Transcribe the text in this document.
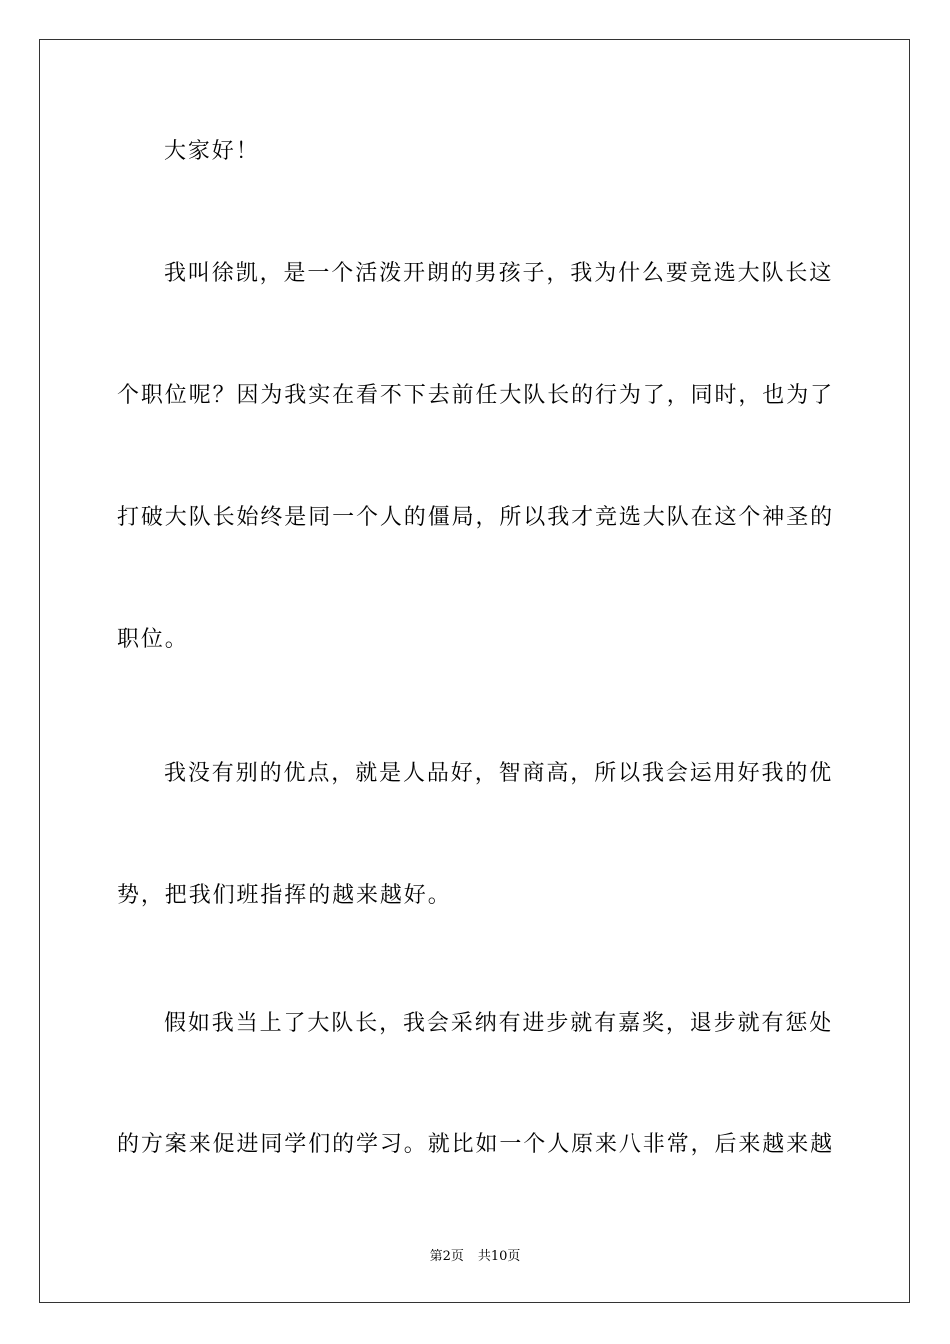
大家好！
我叫徐凯，是一个活泼开朗的男孩子，我为什么要竞选大队长这
个职位呢？因为我实在看不下去前任大队长的行为了，同时，也为了
打破大队长始终是同一个人的僵局，所以我才竞选大队在这个神圣的
职位。
我没有别的优点，就是人品好，智商高，所以我会运用好我的优
势，把我们班指挥的越来越好。
假如我当上了大队长，我会采纳有进步就有嘉奖，退步就有惩处
的方案来促进同学们的学习。就比如一个人原来八非常，后来越来越
第2页 共10页
